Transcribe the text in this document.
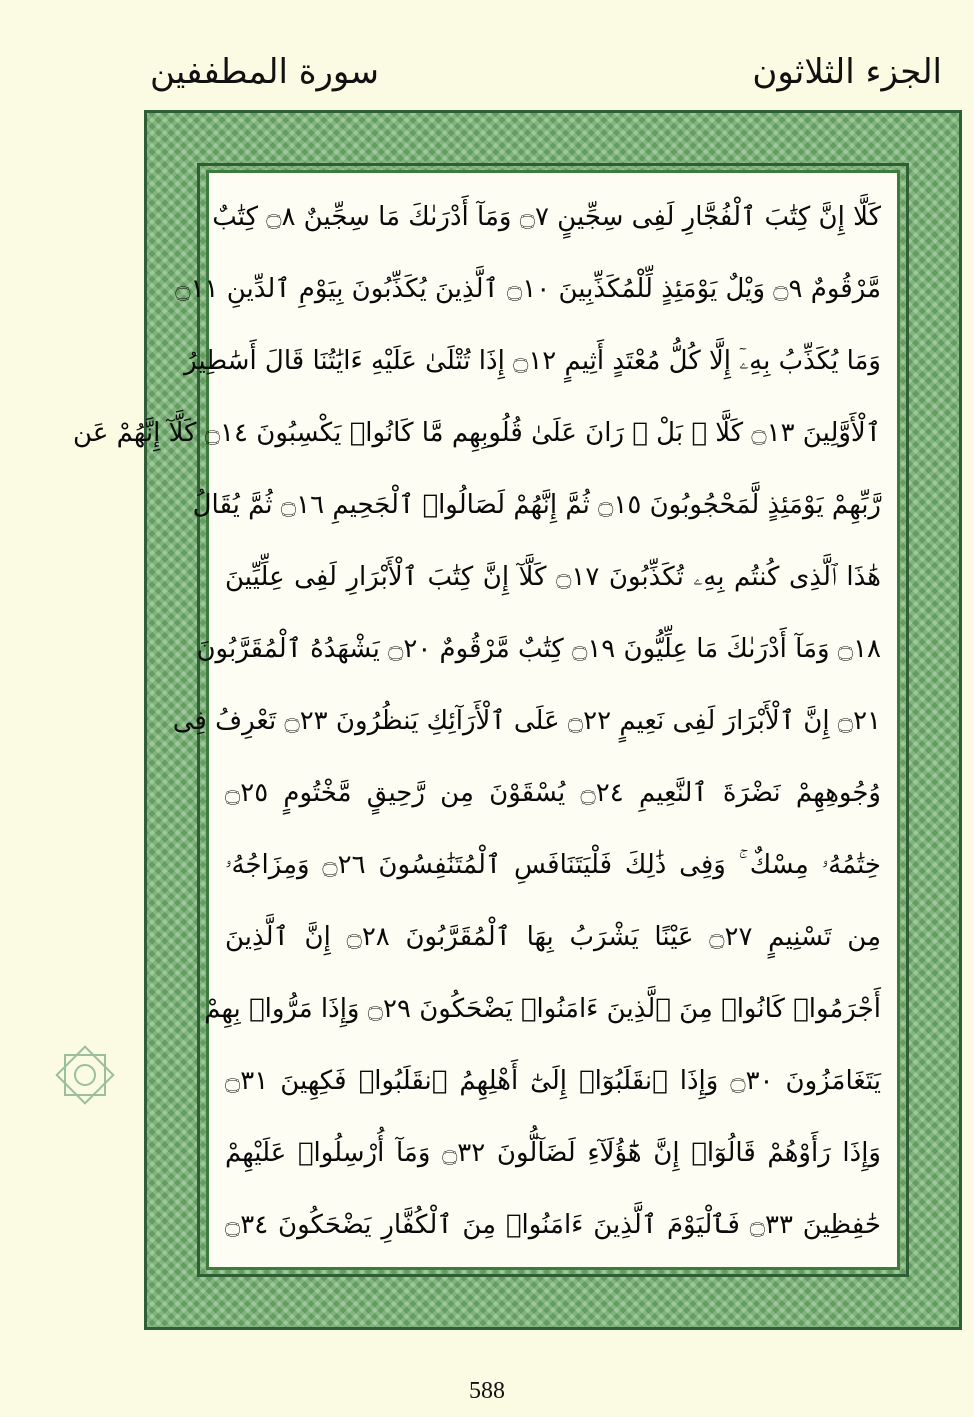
الجزء الثلاثون
سورة المطففين
كَلَّا إِنَّ كِتَٰبَ ٱلْفُجَّارِ لَفِى سِجِّينٍ ۝٧ وَمَآ أَدْرَىٰكَ مَا سِجِّينٌ ۝٨ كِتَٰبٌ
مَّرْقُومٌ ۝٩ وَيْلٌ يَوْمَئِذٍ لِّلْمُكَذِّبِينَ ۝١٠ ٱلَّذِينَ يُكَذِّبُونَ بِيَوْمِ ٱلدِّينِ ۝١١
وَمَا يُكَذِّبُ بِهِۦٓ إِلَّا كُلُّ مُعْتَدٍ أَثِيمٍ ۝١٢ إِذَا تُتْلَىٰ عَلَيْهِ ءَايَٰتُنَا قَالَ أَسَٰطِيرُ
ٱلْأَوَّلِينَ ۝١٣ كَلَّا ۖ بَلْ ۜ رَانَ عَلَىٰ قُلُوبِهِم مَّا كَانُوا۟ يَكْسِبُونَ ۝١٤ كَلَّآ إِنَّهُمْ عَن
رَّبِّهِمْ يَوْمَئِذٍ لَّمَحْجُوبُونَ ۝١٥ ثُمَّ إِنَّهُمْ لَصَالُوا۟ ٱلْجَحِيمِ ۝١٦ ثُمَّ يُقَالُ
هَٰذَا ٱلَّذِى كُنتُم بِهِۦ تُكَذِّبُونَ ۝١٧ كَلَّآ إِنَّ كِتَٰبَ ٱلْأَبْرَارِ لَفِى عِلِّيِّينَ
۝١٨ وَمَآ أَدْرَىٰكَ مَا عِلِّيُّونَ ۝١٩ كِتَٰبٌ مَّرْقُومٌ ۝٢٠ يَشْهَدُهُ ٱلْمُقَرَّبُونَ
۝٢١ إِنَّ ٱلْأَبْرَارَ لَفِى نَعِيمٍ ۝٢٢ عَلَى ٱلْأَرَآئِكِ يَنظُرُونَ ۝٢٣ تَعْرِفُ فِى
وُجُوهِهِمْ نَضْرَةَ ٱلنَّعِيمِ ۝٢٤ يُسْقَوْنَ مِن رَّحِيقٍ مَّخْتُومٍ ۝٢٥
خِتَٰمُهُۥ مِسْكٌ ۚ وَفِى ذَٰلِكَ فَلْيَتَنَافَسِ ٱلْمُتَنَٰفِسُونَ ۝٢٦ وَمِزَاجُهُۥ
مِن تَسْنِيمٍ ۝٢٧ عَيْنًا يَشْرَبُ بِهَا ٱلْمُقَرَّبُونَ ۝٢٨ إِنَّ ٱلَّذِينَ
أَجْرَمُوا۟ كَانُوا۟ مِنَ ٱلَّذِينَ ءَامَنُوا۟ يَضْحَكُونَ ۝٢٩ وَإِذَا مَرُّوا۟ بِهِمْ
يَتَغَامَزُونَ ۝٣٠ وَإِذَا ٱنقَلَبُوٓا۟ إِلَىٰٓ أَهْلِهِمُ ٱنقَلَبُوا۟ فَكِهِينَ ۝٣١
وَإِذَا رَأَوْهُمْ قَالُوٓا۟ إِنَّ هَٰٓؤُلَآءِ لَضَآلُّونَ ۝٣٢ وَمَآ أُرْسِلُوا۟ عَلَيْهِمْ
حَٰفِظِينَ ۝٣٣ فَٱلْيَوْمَ ٱلَّذِينَ ءَامَنُوا۟ مِنَ ٱلْكُفَّارِ يَضْحَكُونَ ۝٣٤
588
